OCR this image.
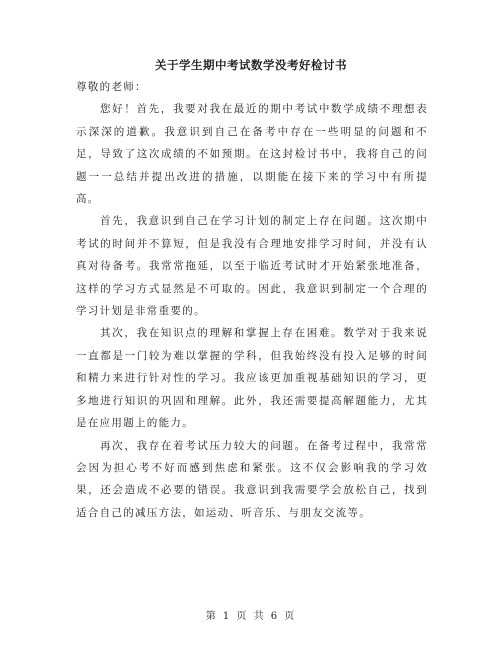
关于学生期中考试数学没考好检讨书

尊敬的老师：

您好！首先，我要对我在最近的期中考试中数学成绩不理想表示深深的道歉。我意识到自己在备考中存在一些明显的问题和不足，导致了这次成绩的不如预期。在这封检讨书中，我将自己的问题一一总结并提出改进的措施，以期能在接下来的学习中有所提高。

首先，我意识到自己在学习计划的制定上存在问题。这次期中考试的时间并不算短，但是我没有合理地安排学习时间，并没有认真对待备考。我常常拖延，以至于临近考试时才开始紧张地准备，这样的学习方式显然是不可取的。因此，我意识到制定一个合理的学习计划是非常重要的。

其次，我在知识点的理解和掌握上存在困难。数学对于我来说一直都是一门较为难以掌握的学科，但我始终没有投入足够的时间和精力来进行针对性的学习。我应该更加重视基础知识的学习，更多地进行知识的巩固和理解。此外，我还需要提高解题能力，尤其是在应用题上的能力。

再次，我存在着考试压力较大的问题。在备考过程中，我常常会因为担心考不好而感到焦虑和紧张。这不仅会影响我的学习效果，还会造成不必要的错误。我意识到我需要学会放松自己，找到适合自己的减压方法，如运动、听音乐、与朋友交流等。

第 1 页 共 6 页
